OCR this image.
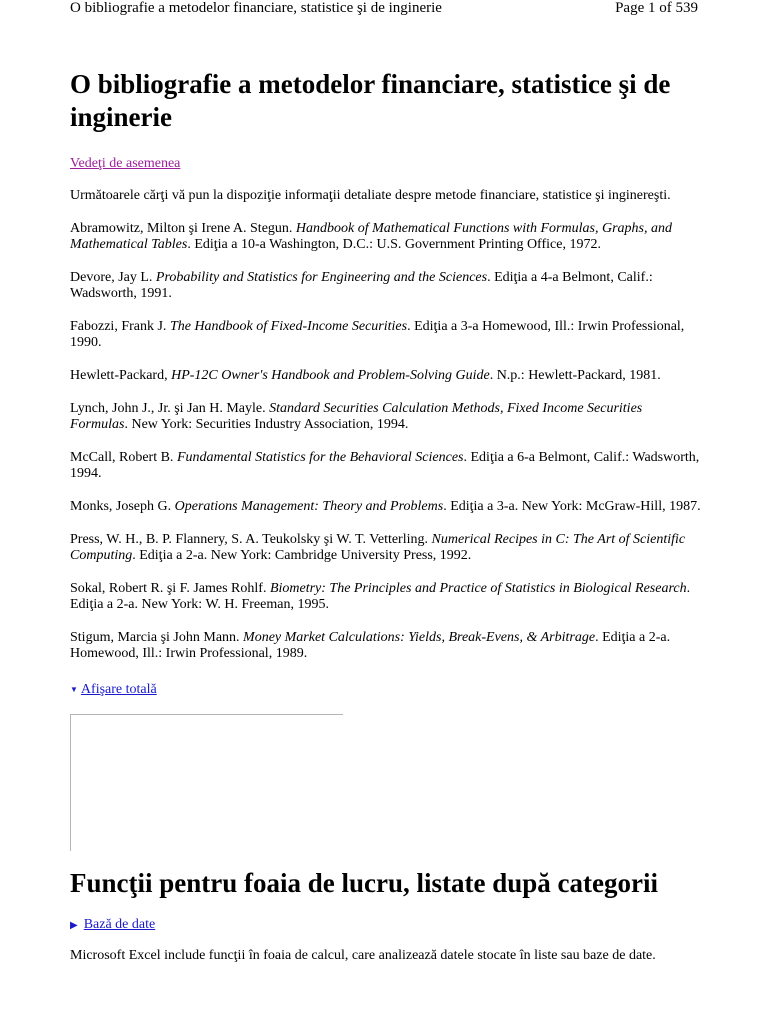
O bibliografie a metodelor financiare, statistice şi de inginerie	Page 1 of 539
O bibliografie a metodelor financiare, statistice şi de inginerie
Vedeţi de asemenea

Următoarele cărţi vă pun la dispoziţie informaţii detaliate despre metode financiare, statistice şi inginereşti.

Abramowitz, Milton şi Irene A. Stegun. Handbook of Mathematical Functions with Formulas, Graphs, and Mathematical Tables. Ediţia a 10-a Washington, D.C.: U.S. Government Printing Office, 1972.

Devore, Jay L. Probability and Statistics for Engineering and the Sciences. Ediţia a 4-a Belmont, Calif.: Wadsworth, 1991.

Fabozzi, Frank J. The Handbook of Fixed-Income Securities. Ediţia a 3-a Homewood, Ill.: Irwin Professional, 1990.

Hewlett-Packard, HP-12C Owner's Handbook and Problem-Solving Guide. N.p.: Hewlett-Packard, 1981.

Lynch, John J., Jr. şi Jan H. Mayle. Standard Securities Calculation Methods, Fixed Income Securities Formulas. New York: Securities Industry Association, 1994.

McCall, Robert B. Fundamental Statistics for the Behavioral Sciences. Ediţia a 6-a Belmont, Calif.: Wadsworth, 1994.

Monks, Joseph G. Operations Management: Theory and Problems. Ediţia a 3-a. New York: McGraw-Hill, 1987.

Press, W. H., B. P. Flannery, S. A. Teukolsky şi W. T. Vetterling. Numerical Recipes in C: The Art of Scientific Computing. Ediţia a 2-a. New York: Cambridge University Press, 1992.

Sokal, Robert R. şi F. James Rohlf. Biometry: The Principles and Practice of Statistics in Biological Research. Ediţia a 2-a. New York: W. H. Freeman, 1995.

Stigum, Marcia şi John Mann. Money Market Calculations: Yields, Break-Evens, & Arbitrage. Ediţia a 2-a. Homewood, Ill.: Irwin Professional, 1989.

▼ Afişare totală
Funcţii pentru foaia de lucru, listate după categorii
▶ Bază de date

Microsoft Excel include funcţii în foaia de calcul, care analizează datele stocate în liste sau baze de date.
